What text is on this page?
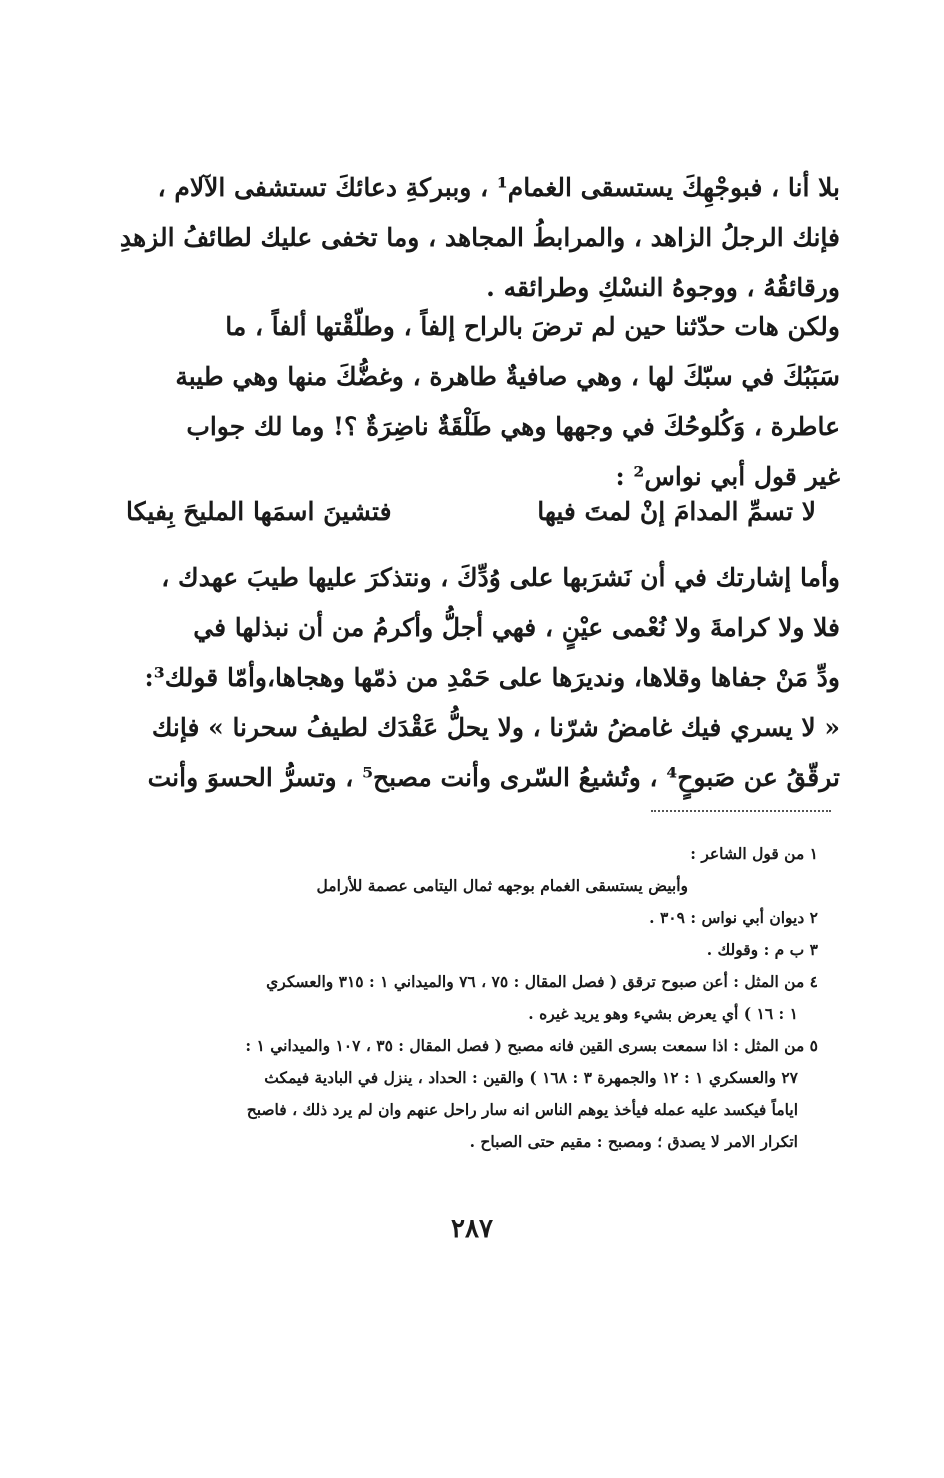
بلا أنا ، فبوجْهِكَ يستسقى الغمام¹ ، وببركةِ دعائكَ تستشفى الآلام ،
فإنك الرجلُ الزاهد ، والمرابطُ المجاهد ، وما تخفى عليك لطائفُ الزهدِ
ورقائقُهُ ، ووجوهُ النسْكِ وطرائقه .

ولكن هات حدّثنا حين لم ترضَ بالراح إلفاً ، وطلّقْتها ألفاً ، ما
سَبَبُكَ في سبّكَ لها ، وهي صافيةٌ طاهرة ، وغضُّكَ منها وهي طيبة
عاطرة ، وَكُلوحُكَ في وجهها وهي طَلْقَةٌ ناضِرَةٌ ؟! وما لك جواب
غير قول أبي نواس² :

لا تسمِّ المدامَ إنْ لمتَ فيها
فتشينَ اسمَها المليحَ بِفيكا

وأما إشارتك في أن نَشرَبها على وُدِّكَ ، ونتذكرَ عليها طيبَ عهدك ،
فلا ولا كرامةَ ولا نُعْمى عيْنٍ ، فهي أجلُّ وأكرمُ من أن نبذلها في
ودِّ مَنْ جفاها وقلاها، ونديرَها على حَمْدِ من ذمّها وهجاها،وأمّا قولك³:
« لا يسري فيك غامضُ شرّنا ، ولا يحلُّ عَقْدَك لطيفُ سحرنا » فإنك
ترقّقُ عن صَبوحٍ⁴ ، وتُشيعُ السّرى وأنت مصبح⁵ ، وتسرُّ الحسوَ وأنت

١ من قول الشاعر :
وأبيض يستسقى الغمام بوجهه ثمال اليتامى عصمة للأرامل
٢ ديوان أبي نواس : ٣٠٩ .
٣ ب م : وقولك .
٤ من المثل : أعن صبوح ترقق ( فصل المقال : ٧٥ ، ٧٦ والميداني ١ : ٣١٥ والعسكري
١ : ١٦ ) أي يعرض بشيء وهو يريد غيره .
٥ من المثل : اذا سمعت بسرى القين فانه مصبح ( فصل المقال : ٣٥ ، ١٠٧ والميداني ١ :
٢٧ والعسكري ١ : ١٢ والجمهرة ٣ : ١٦٨ ) والقين : الحداد ، ينزل في البادية فيمكث
اياماً فيكسد عليه عمله فيأخذ يوهم الناس انه سار راحل عنهم وان لم يرد ذلك ، فاصبح
اتكرار الامر لا يصدق ؛ ومصبح : مقيم حتى الصباح .
٢٨٧
